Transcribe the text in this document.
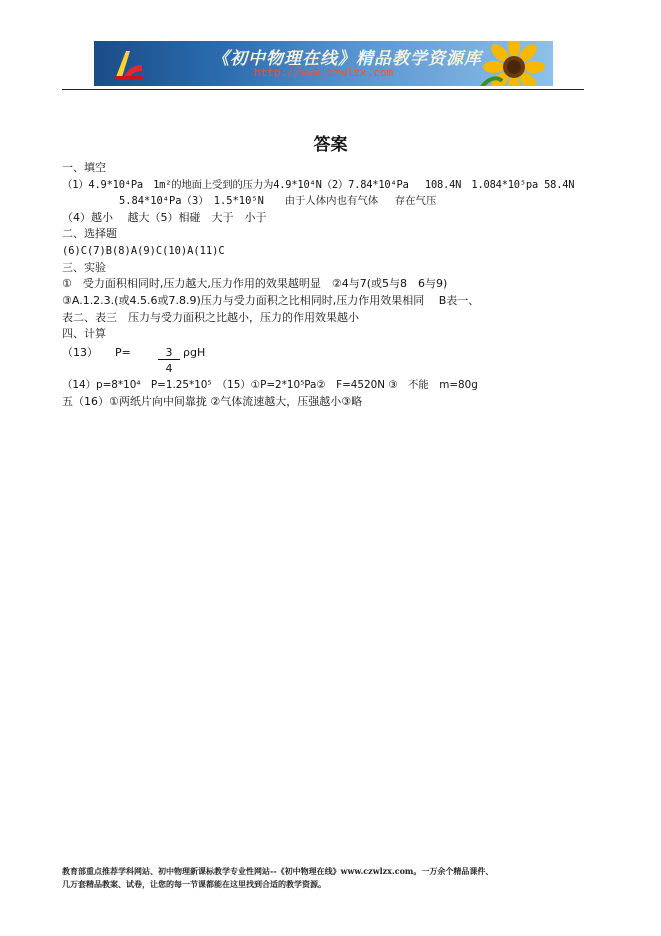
《初中物理在线》精品教学资源库
http://www.czwlzx.com
答案
一、填空
（1）4.9*10⁴Pa　1m²的地面上受到的压力为4.9*10⁴N（2）7.84*10⁴Pa　 108.4N　1.084*10⁵pa 58.4N
5.84*10⁴Pa（3）　1.5*10⁵N　　由于人体内也有气体　 存在气压
（4）越小　 越大（5）相碰　大于　小于
二、选择题
(6)C(7)B(8)A(9)C(10)A(11)C
三、实验
①　受力面积相同时,压力越大,压力作用的效果越明显　②4与7(或5与8　6与9)
③A.1.2.3.(或4.5.6或7.8.9)压力与受力面积之比相同时,压力作用效果相同　 B表一、
表二、表三　压力与受力面积之比越小，压力的作用效果越小
四、计算
（13） P=	3
4
ρgH
（14）p=8*10⁴　P=1.25*10⁵　（15）①P=2*10⁵Pa②　F=4520N ③　不能　m=80g
五（16）①两纸片向中间靠拢 ②气体流速越大，压强越小③略
教育部重点推荐学科网站、初中物理新课标教学专业性网站--《初中物理在线》www.czwlzx.com。一万余个精品课件、
几万套精品教案、试卷，让您的每一节课都能在这里找到合适的教学资源。
